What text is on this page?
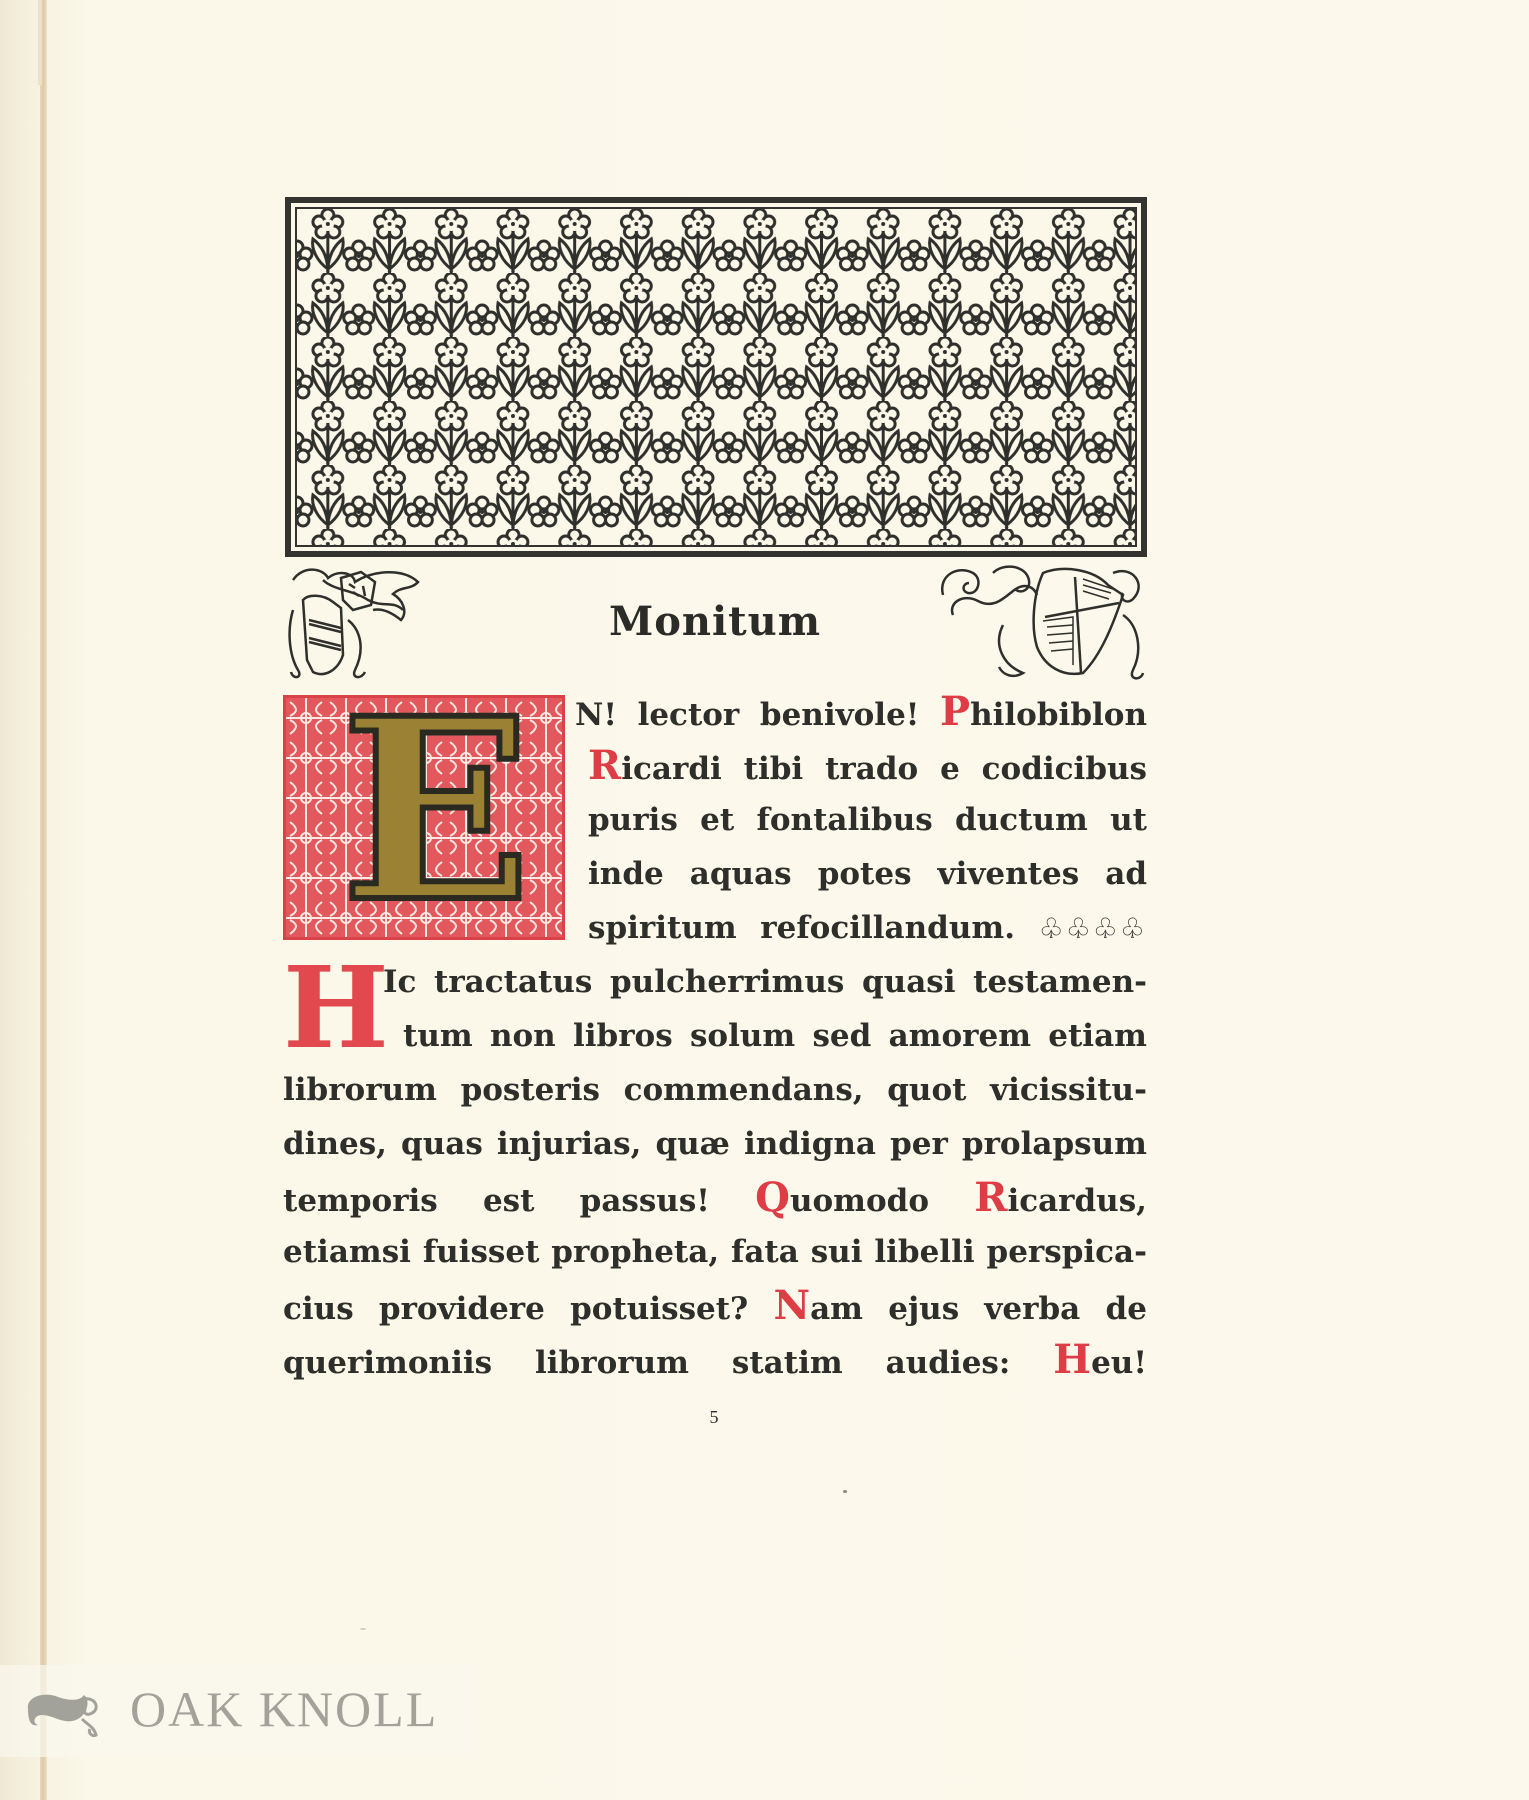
Monitum
E
H
N! lector benivole! Philobiblon
Ricardi tibi trado e codicibus
puris et fontalibus ductum ut
inde aquas potes viventes ad
spiritum refocillandum. ♧♧♧♧
Ic tractatus pulcherrimus quasi testamen-
tum non libros solum sed amorem etiam
librorum posteris commendans, quot vicissitu-
dines, quas injurias, quæ indigna per prolapsum
temporis est passus! Quomodo Ricardus,
etiamsi fuisset propheta, fata sui libelli perspica-
cius providere potuisset? Nam ejus verba de
querimoniis librorum statim audies: Heu!
5
OAK KNOLL
